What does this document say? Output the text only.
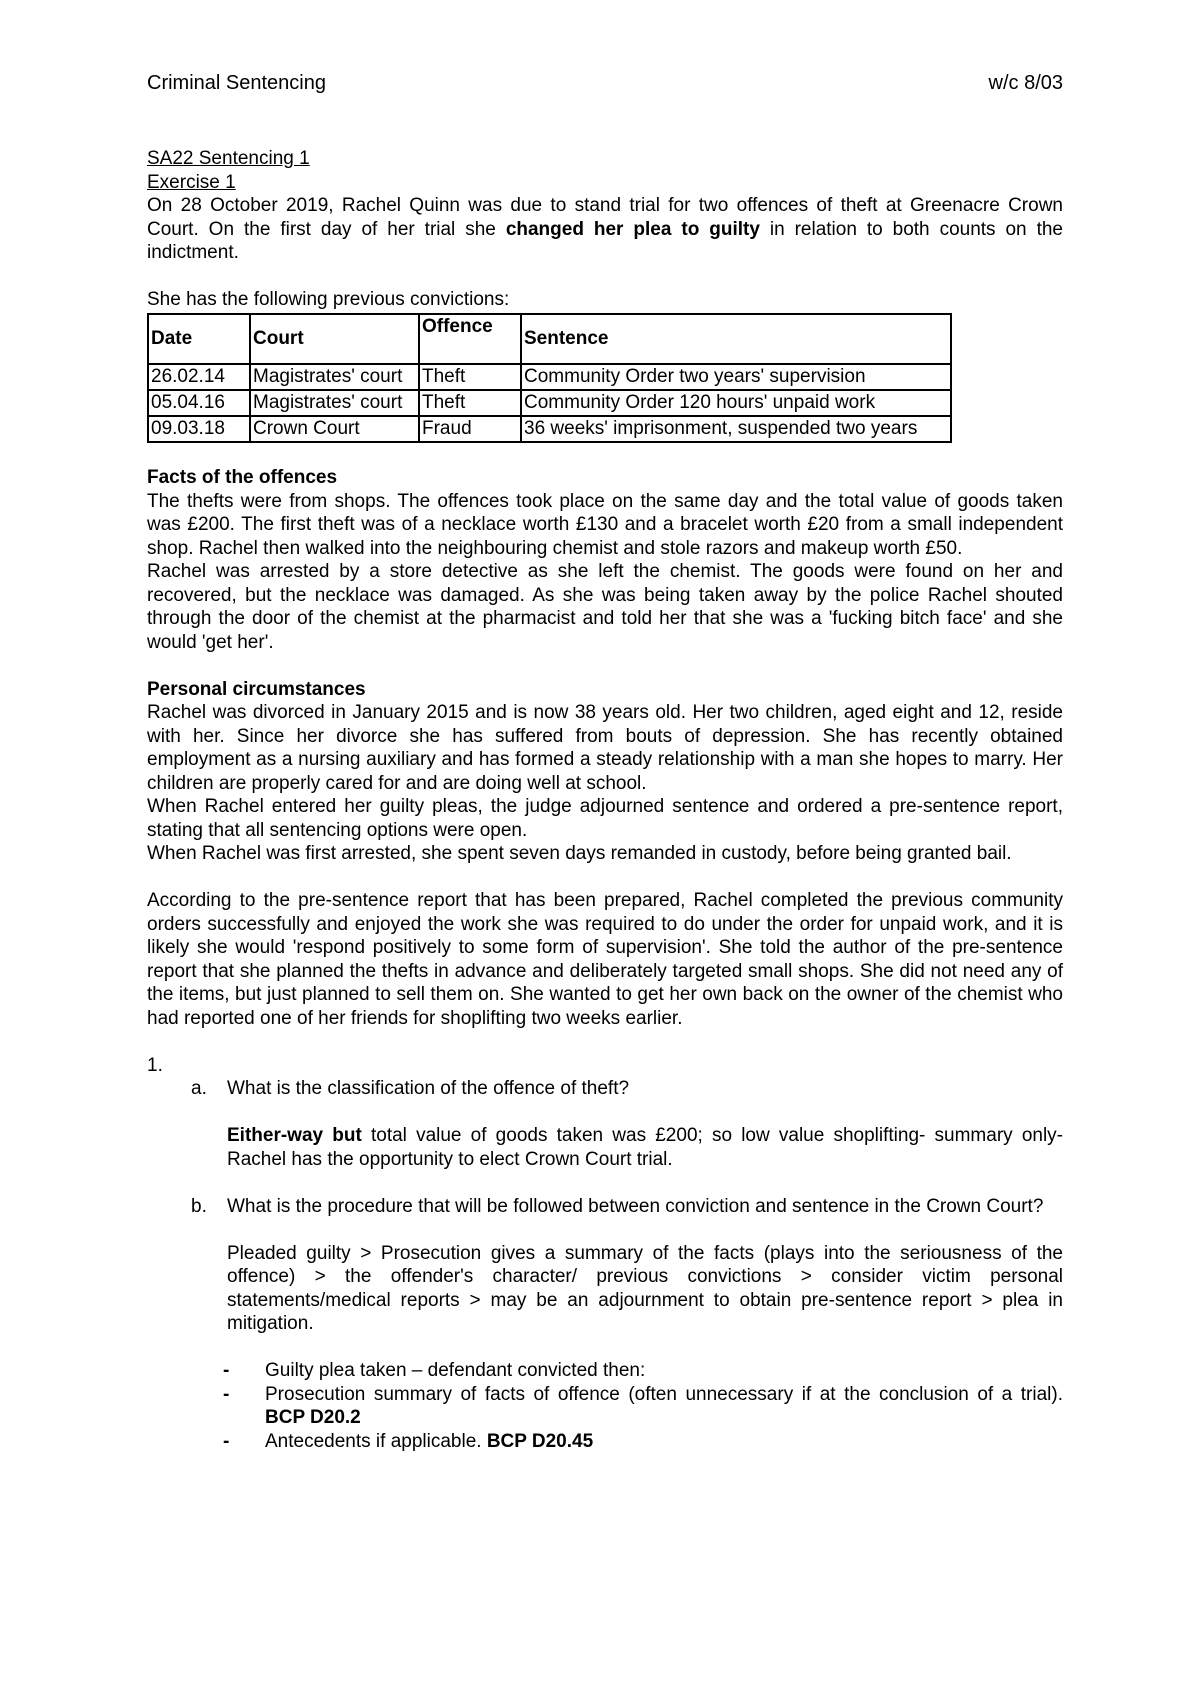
Criminal Sentencing	w/c 8/03

SA22 Sentencing 1

Exercise 1

On 28 October 2019, Rachel Quinn was due to stand trial for two offences of theft at Greenacre Crown Court. On the first day of her trial she changed her plea to guilty in relation to both counts on the indictment.

She has the following previous convictions:

Date	Court	Offence	Sentence
26.02.14	Magistrates' court	Theft	Community Order two years' supervision
05.04.16	Magistrates' court	Theft	Community Order 120 hours' unpaid work
09.03.18	Crown Court	Fraud	36 weeks' imprisonment, suspended two years

Facts of the offences

The thefts were from shops. The offences took place on the same day and the total value of goods taken was £200. The first theft was of a necklace worth £130 and a bracelet worth £20 from a small independent shop. Rachel then walked into the neighbouring chemist and stole razors and makeup worth £50.

Rachel was arrested by a store detective as she left the chemist. The goods were found on her and recovered, but the necklace was damaged. As she was being taken away by the police Rachel shouted through the door of the chemist at the pharmacist and told her that she was a 'fucking bitch face' and she would 'get her'.

Personal circumstances

Rachel was divorced in January 2015 and is now 38 years old. Her two children, aged eight and 12, reside with her. Since her divorce she has suffered from bouts of depression. She has recently obtained employment as a nursing auxiliary and has formed a steady relationship with a man she hopes to marry. Her children are properly cared for and are doing well at school.

When Rachel entered her guilty pleas, the judge adjourned sentence and ordered a pre-sentence report, stating that all sentencing options were open.

When Rachel was first arrested, she spent seven days remanded in custody, before being granted bail.

According to the pre-sentence report that has been prepared, Rachel completed the previous community orders successfully and enjoyed the work she was required to do under the order for unpaid work, and it is likely she would 'respond positively to some form of supervision'. She told the author of the pre-sentence report that she planned the thefts in advance and deliberately targeted small shops. She did not need any of the items, but just planned to sell them on. She wanted to get her own back on the owner of the chemist who had reported one of her friends for shoplifting two weeks earlier.

1.

a. What is the classification of the offence of theft?

Either-way but total value of goods taken was £200; so low value shoplifting- summary only- Rachel has the opportunity to elect Crown Court trial.

b. What is the procedure that will be followed between conviction and sentence in the Crown Court?

Pleaded guilty > Prosecution gives a summary of the facts (plays into the seriousness of the offence) > the offender's character/ previous convictions > consider victim personal statements/medical reports > may be an adjournment to obtain pre-sentence report > plea in mitigation.

- Guilty plea taken – defendant convicted then:

- Prosecution summary of facts of offence (often unnecessary if at the conclusion of a trial). BCP D20.2

- Antecedents if applicable. BCP D20.45
